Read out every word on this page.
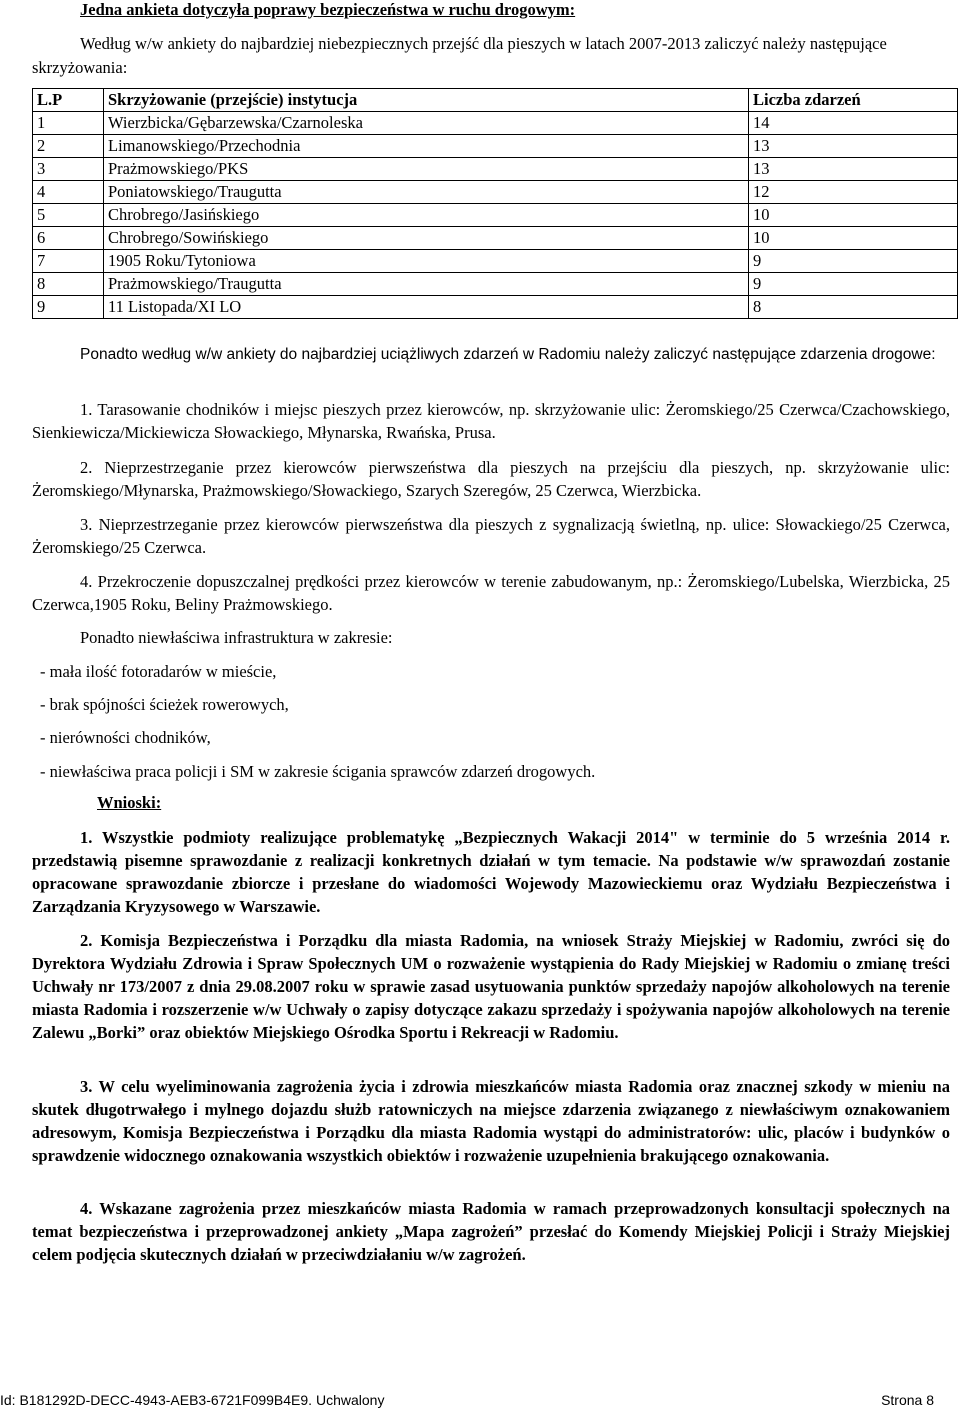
Jedna ankieta dotyczyła poprawy bezpieczeństwa w ruchu drogowym:
Według w/w ankiety do najbardziej niebezpiecznych przejść dla pieszych w latach 2007-2013 zaliczyć należy następujące skrzyżowania:
L.P	Skrzyżowanie (przejście) instytucja	Liczba zdarzeń
1	Wierzbicka/Gębarzewska/Czarnoleska	14
2	Limanowskiego/Przechodnia	13
3	Prażmowskiego/PKS	13
4	Poniatowskiego/Traugutta	12
5	Chrobrego/Jasińskiego	10
6	Chrobrego/Sowińskiego	10
7	1905 Roku/Tytoniowa	9
8	Prażmowskiego/Traugutta	9
9	11 Listopada/XI LO	8
Ponadto według w/w ankiety do najbardziej uciążliwych zdarzeń w Radomiu należy zaliczyć następujące zdarzenia drogowe:
1. Tarasowanie chodników i miejsc pieszych przez kierowców, np. skrzyżowanie ulic: Żeromskiego/25 Czerwca/Czachowskiego, Sienkiewicza/Mickiewicza Słowackiego, Młynarska, Rwańska, Prusa.
2. Nieprzestrzeganie przez kierowców pierwszeństwa dla pieszych na przejściu dla pieszych, np. skrzyżowanie ulic: Żeromskiego/Młynarska, Prażmowskiego/Słowackiego, Szarych Szeregów, 25 Czerwca, Wierzbicka.
3. Nieprzestrzeganie przez kierowców pierwszeństwa dla pieszych z sygnalizacją świetlną, np. ulice: Słowackiego/25 Czerwca, Żeromskiego/25 Czerwca.
4. Przekroczenie dopuszczalnej prędkości przez kierowców w terenie zabudowanym, np.: Żeromskiego/Lubelska, Wierzbicka, 25 Czerwca,1905 Roku, Beliny Prażmowskiego.
Ponadto niewłaściwa infrastruktura w zakresie:
- mała ilość fotoradarów w mieście,
- brak spójności ścieżek rowerowych,
- nierówności chodników,
- niewłaściwa praca policji i SM w zakresie ścigania sprawców zdarzeń drogowych.
Wnioski:
1. Wszystkie podmioty realizujące problematykę „Bezpiecznych Wakacji 2014" w terminie do 5 września 2014 r. przedstawią pisemne sprawozdanie z realizacji konkretnych działań w tym temacie. Na podstawie w/w sprawozdań zostanie opracowane sprawozdanie zbiorcze i przesłane do wiadomości Wojewody Mazowieckiemu oraz Wydziału Bezpieczeństwa i Zarządzania Kryzysowego w Warszawie.
2. Komisja Bezpieczeństwa i Porządku dla miasta Radomia, na wniosek Straży Miejskiej w Radomiu, zwróci się do Dyrektora Wydziału Zdrowia i Spraw Społecznych UM o rozważenie wystąpienia do Rady Miejskiej w Radomiu o zmianę treści Uchwały nr 173/2007 z dnia 29.08.2007 roku w sprawie zasad usytuowania punktów sprzedaży napojów alkoholowych na terenie miasta Radomia i rozszerzenie w/w Uchwały o zapisy dotyczące zakazu sprzedaży i spożywania napojów alkoholowych na terenie Zalewu „Borki” oraz obiektów Miejskiego Ośrodka Sportu i Rekreacji w Radomiu.
3. W celu wyeliminowania zagrożenia życia i zdrowia mieszkańców miasta Radomia oraz znacznej szkody w mieniu na skutek długotrwałego i mylnego dojazdu służb ratowniczych na miejsce zdarzenia związanego z niewłaściwym oznakowaniem adresowym, Komisja Bezpieczeństwa i Porządku dla miasta Radomia wystąpi do administratorów: ulic, placów i budynków o sprawdzenie widocznego oznakowania wszystkich obiektów i rozważenie uzupełnienia brakującego oznakowania.
4. Wskazane zagrożenia przez mieszkańców miasta Radomia w ramach przeprowadzonych konsultacji społecznych na temat bezpieczeństwa i przeprowadzonej ankiety „Mapa zagrożeń” przesłać do Komendy Miejskiej Policji i Straży Miejskiej celem podjęcia skutecznych działań w przeciwdziałaniu w/w zagrożeń.
Id: B181292D-DECC-4943-AEB3-6721F099B4E9. Uchwalony	Strona 8
